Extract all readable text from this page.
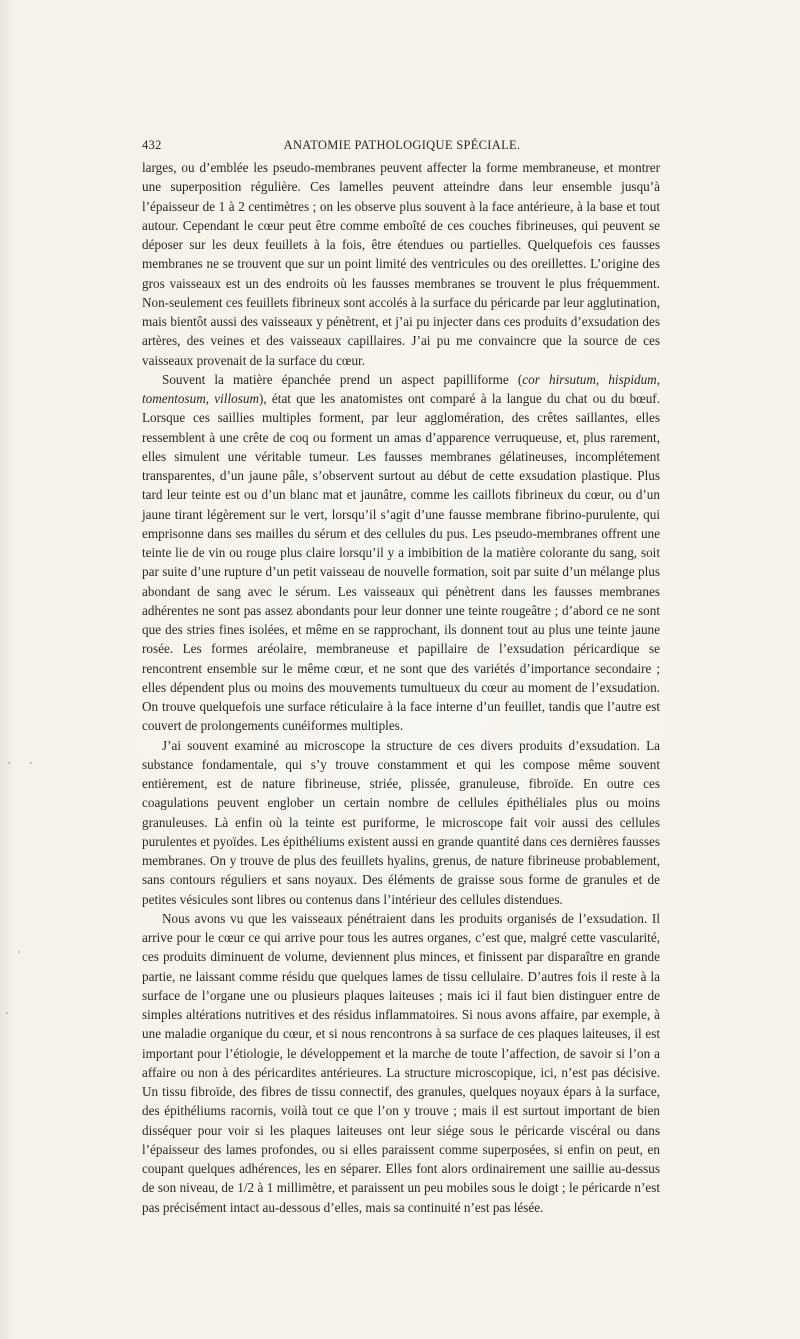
432	ANATOMIE PATHOLOGIQUE SPÉCIALE.

larges, ou d’emblée les pseudo-membranes peuvent affecter la forme membraneuse, et montrer une superposition régulière. Ces lamelles peuvent atteindre dans leur ensemble jusqu’à l’épaisseur de 1 à 2 centimètres ; on les observe plus souvent à la face antérieure, à la base et tout autour. Cependant le cœur peut être comme emboîté de ces couches fibrineuses, qui peuvent se déposer sur les deux feuillets à la fois, être étendues ou partielles. Quelquefois ces fausses membranes ne se trouvent que sur un point limité des ventricules ou des oreillettes. L’origine des gros vaisseaux est un des endroits où les fausses membranes se trouvent le plus fréquemment. Non-seulement ces feuillets fibrineux sont accolés à la surface du péricarde par leur agglutination, mais bientôt aussi des vaisseaux y pénètrent, et j’ai pu injecter dans ces produits d’exsudation des artères, des veines et des vaisseaux capillaires. J’ai pu me convaincre que la source de ces vaisseaux provenait de la surface du cœur.

Souvent la matière épanchée prend un aspect papilliforme (cor hirsutum, hispidum, tomentosum, villosum), état que les anatomistes ont comparé à la langue du chat ou du bœuf. Lorsque ces saillies multiples forment, par leur agglomération, des crêtes saillantes, elles ressemblent à une crête de coq ou forment un amas d’apparence verruqueuse, et, plus rarement, elles simulent une véritable tumeur. Les fausses membranes gélatineuses, incomplétement transparentes, d’un jaune pâle, s’observent surtout au début de cette exsudation plastique. Plus tard leur teinte est ou d’un blanc mat et jaunâtre, comme les caillots fibrineux du cœur, ou d’un jaune tirant légèrement sur le vert, lorsqu’il s’agit d’une fausse membrane fibrino-purulente, qui emprisonne dans ses mailles du sérum et des cellules du pus. Les pseudo-membranes offrent une teinte lie de vin ou rouge plus claire lorsqu’il y a imbibition de la matière colorante du sang, soit par suite d’une rupture d’un petit vaisseau de nouvelle formation, soit par suite d’un mélange plus abondant de sang avec le sérum. Les vaisseaux qui pénètrent dans les fausses membranes adhérentes ne sont pas assez abondants pour leur donner une teinte rougeâtre ; d’abord ce ne sont que des stries fines isolées, et même en se rapprochant, ils donnent tout au plus une teinte jaune rosée. Les formes aréolaire, membraneuse et papillaire de l’exsudation péricardique se rencontrent ensemble sur le même cœur, et ne sont que des variétés d’importance secondaire ; elles dépendent plus ou moins des mouvements tumultueux du cœur au moment de l’exsudation. On trouve quelquefois une surface réticulaire à la face interne d’un feuillet, tandis que l’autre est couvert de prolongements cunéiformes multiples.

J’ai souvent examiné au microscope la structure de ces divers produits d’exsudation. La substance fondamentale, qui s’y trouve constamment et qui les compose même souvent entièrement, est de nature fibrineuse, striée, plissée, granuleuse, fibroïde. En outre ces coagulations peuvent englober un certain nombre de cellules épithéliales plus ou moins granuleuses. Là enfin où la teinte est puriforme, le microscope fait voir aussi des cellules purulentes et pyoïdes. Les épithéliums existent aussi en grande quantité dans ces dernières fausses membranes. On y trouve de plus des feuillets hyalins, grenus, de nature fibrineuse probablement, sans contours réguliers et sans noyaux. Des éléments de graisse sous forme de granules et de petites vésicules sont libres ou contenus dans l’intérieur des cellules distendues.

Nous avons vu que les vaisseaux pénétraient dans les produits organisés de l’exsudation. Il arrive pour le cœur ce qui arrive pour tous les autres organes, c’est que, malgré cette vascularité, ces produits diminuent de volume, deviennent plus minces, et finissent par disparaître en grande partie, ne laissant comme résidu que quelques lames de tissu cellulaire. D’autres fois il reste à la surface de l’organe une ou plusieurs plaques laiteuses ; mais ici il faut bien distinguer entre de simples altérations nutritives et des résidus inflammatoires. Si nous avons affaire, par exemple, à une maladie organique du cœur, et si nous rencontrons à sa surface de ces plaques laiteuses, il est important pour l’étiologie, le développement et la marche de toute l’affection, de savoir si l’on a affaire ou non à des péricardites antérieures. La structure microscopique, ici, n’est pas décisive. Un tissu fibroïde, des fibres de tissu connectif, des granules, quelques noyaux épars à la surface, des épithéliums racornis, voilà tout ce que l’on y trouve ; mais il est surtout important de bien disséquer pour voir si les plaques laiteuses ont leur siége sous le péricarde viscéral ou dans l’épaisseur des lames profondes, ou si elles paraissent comme superposées, si enfin on peut, en coupant quelques adhérences, les en séparer. Elles font alors ordinairement une saillie au-dessus de son niveau, de 1/2 à 1 millimètre, et paraissent un peu mobiles sous le doigt ; le péricarde n’est pas précisément intact au-dessous d’elles, mais sa continuité n’est pas lésée.
